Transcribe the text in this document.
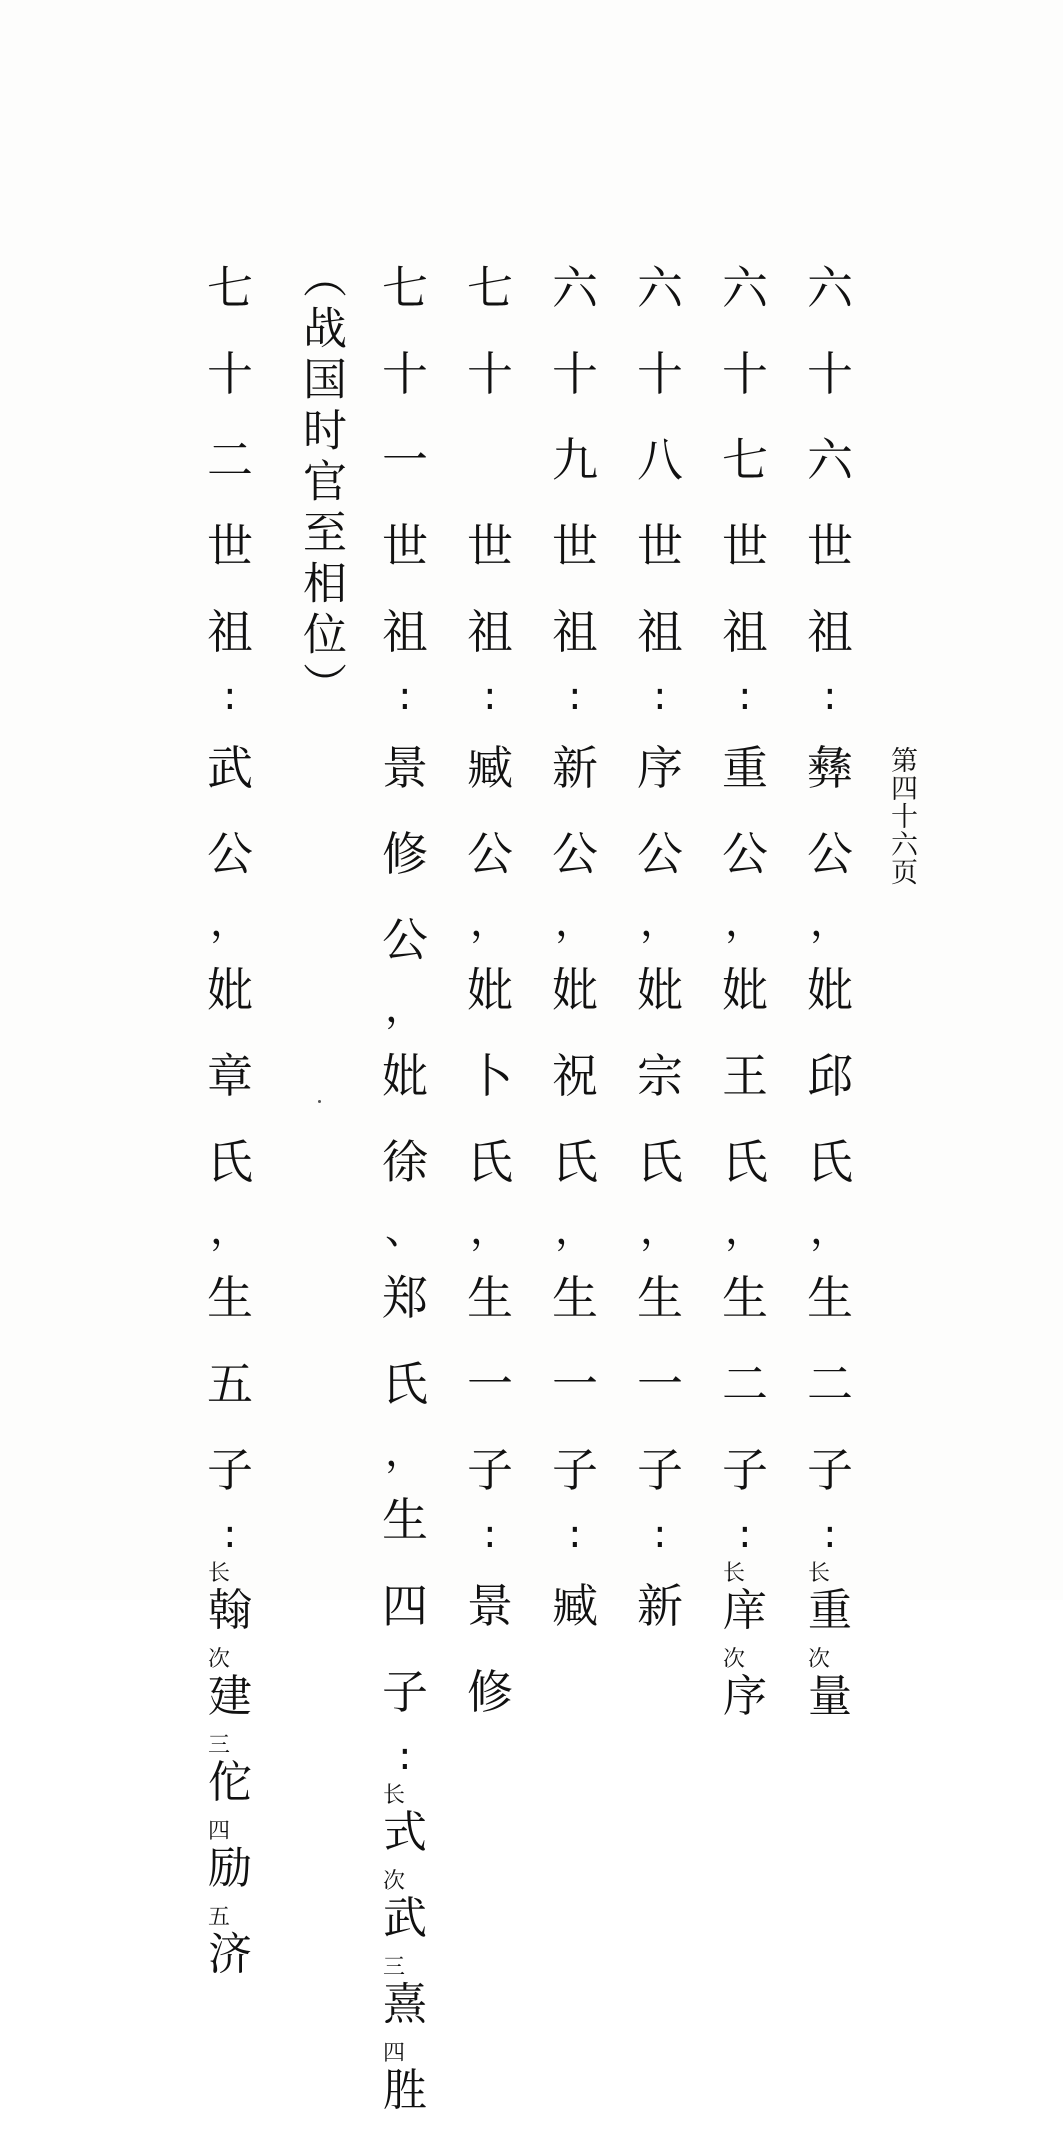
第四十六页
六
十
六
世
祖
∶
彝
公
，
妣
邱
氏
，
生
二
子
∶
长
重
次
量
六
十
七
世
祖
∶
重
公
，
妣
王
氏
，
生
二
子
∶
长
庠
次
序
六
十
八
世
祖
∶
序
公
，
妣
宗
氏
，
生
一
子
∶
新
六
十
九
世
祖
∶
新
公
，
妣
祝
氏
，
生
一
子
∶
臧
七
十
世
祖
∶
臧
公
，
妣
卜
氏
，
生
一
子
∶
景
修
七
十
一
世
祖
∶
景
修
公
，
妣
徐
、
郑
氏
，
生
四
子
∶
长
式
次
武
三
熹
四
胜
（战国时官至相位）
七
十
二
世
祖
∶
武
公
，
妣
章
氏
，
生
五
子
∶
长
翰
次
建
三
佗
四
励
五
济
